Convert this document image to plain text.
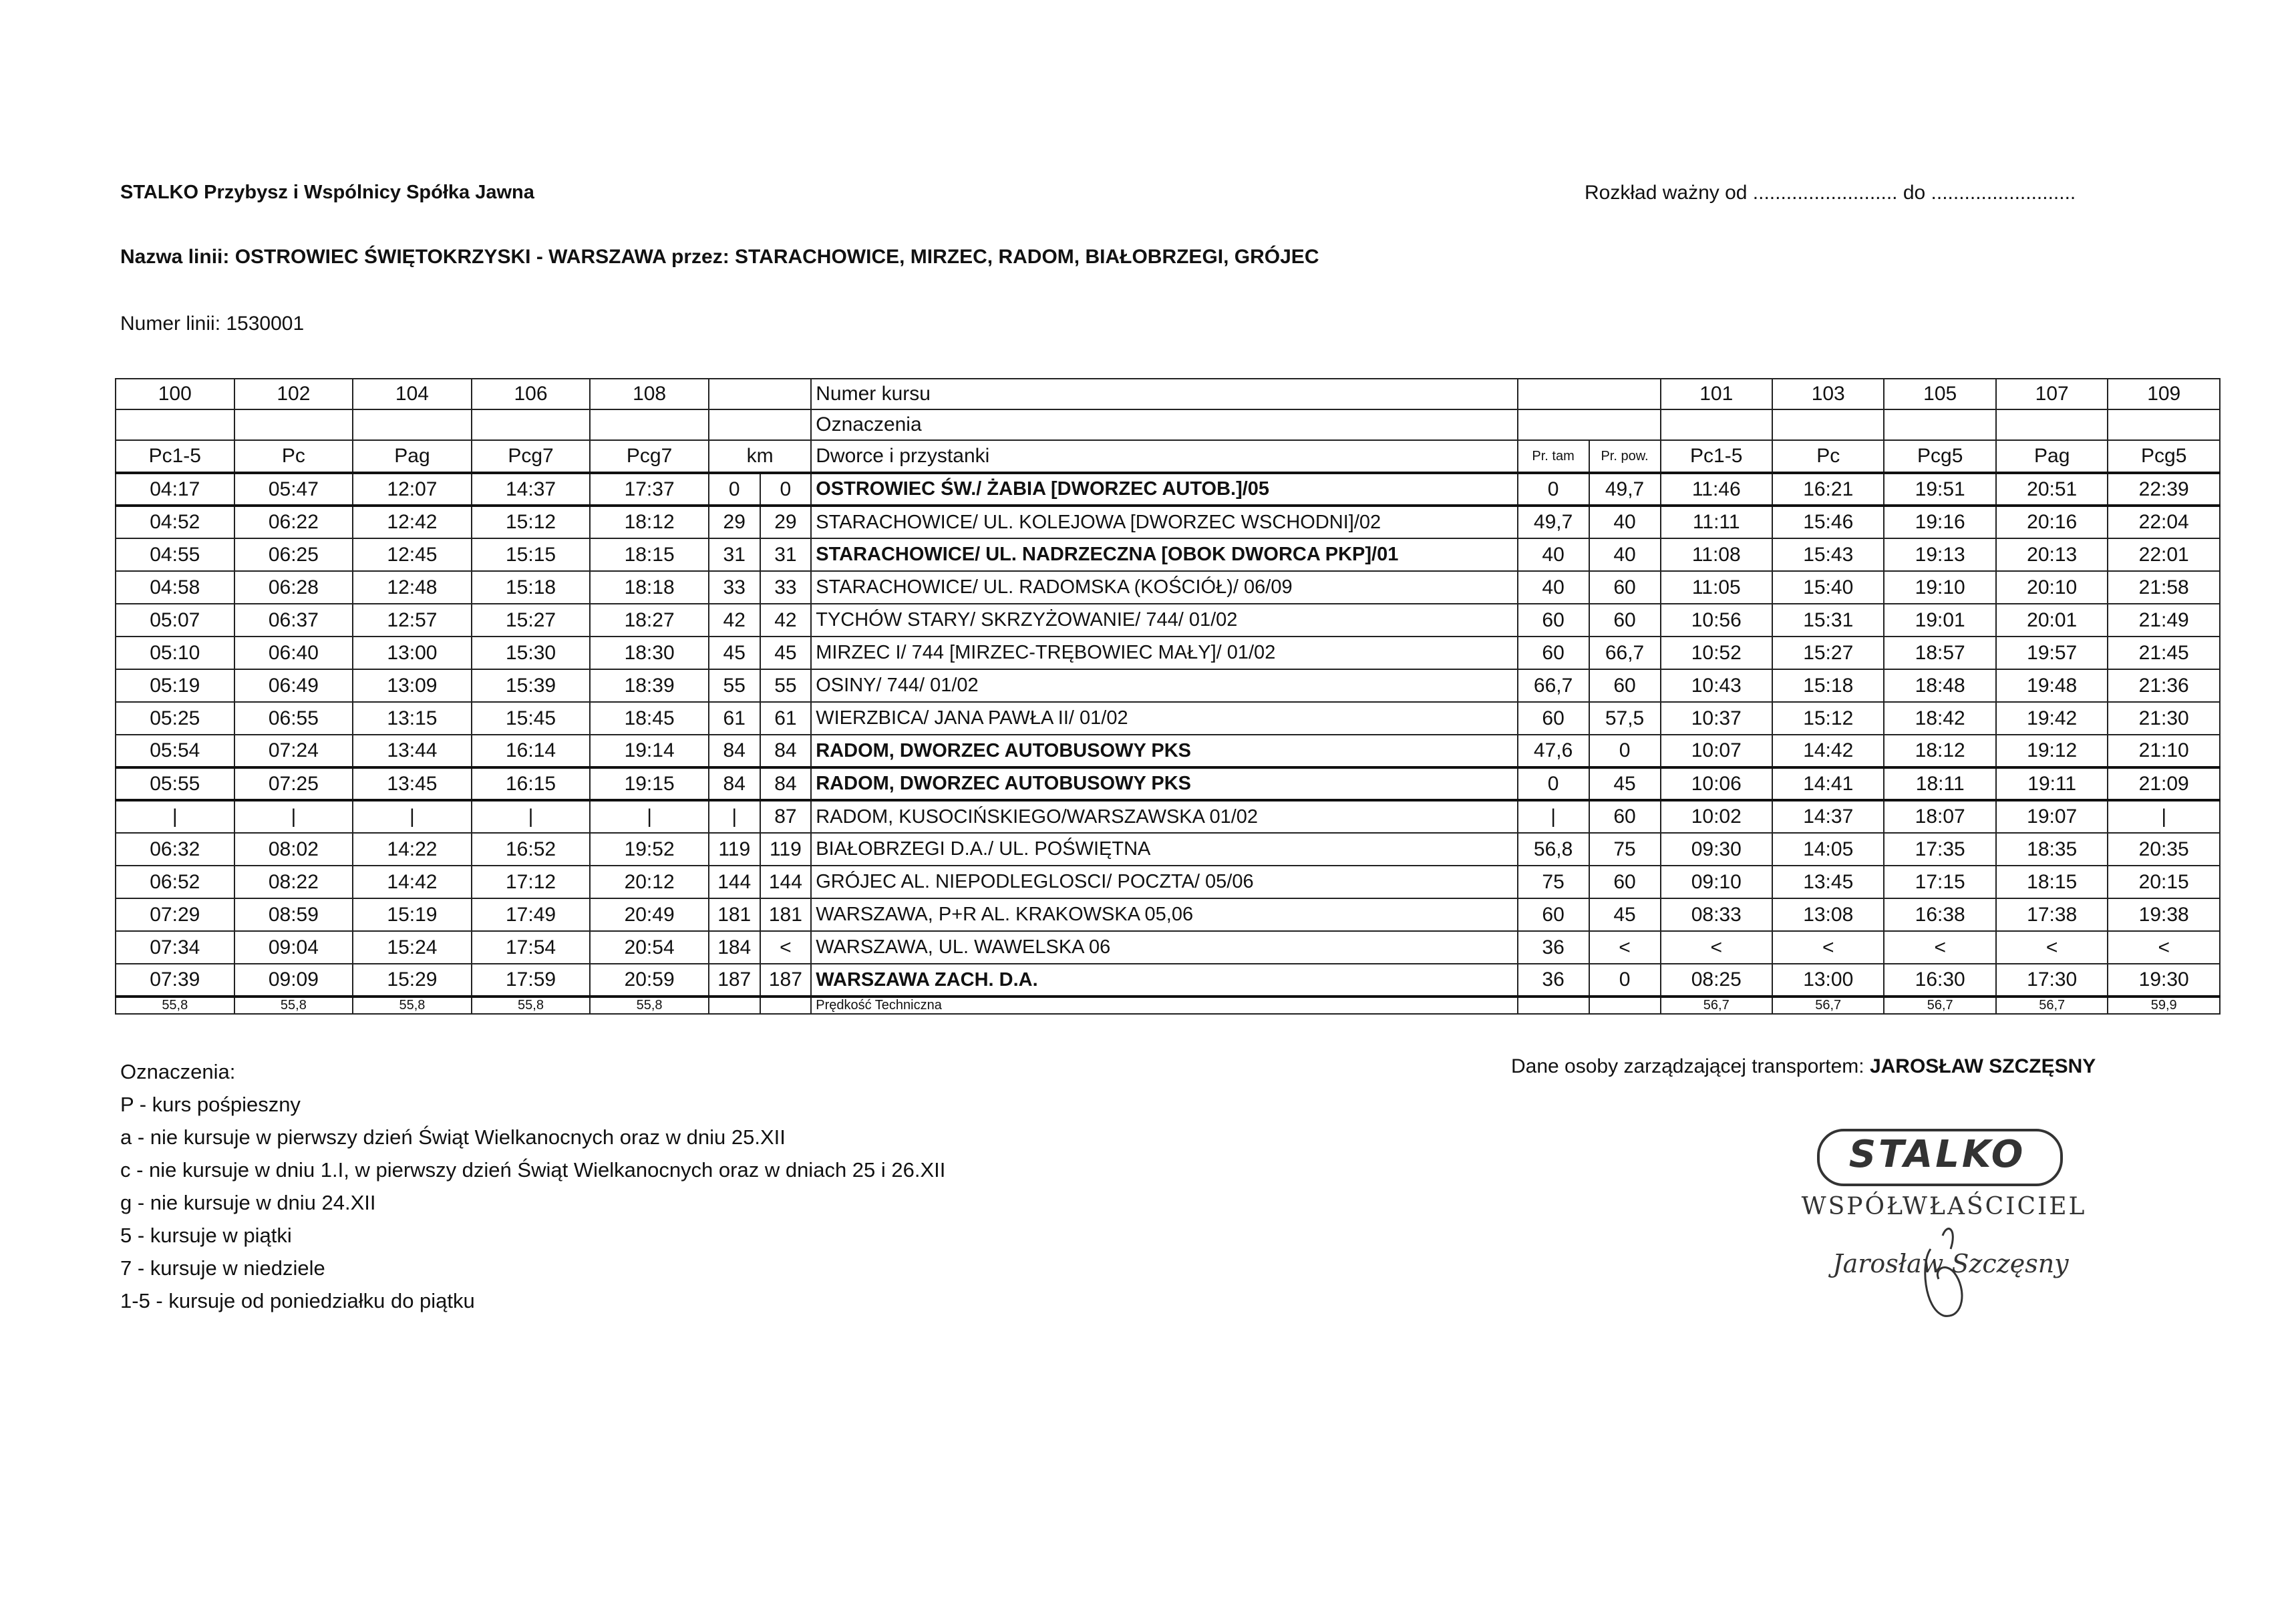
STALKO Przybysz i Wspólnicy Spółka Jawna	Rozkład ważny od .......................... do ..........................
Nazwa linii: OSTROWIEC ŚWIĘTOKRZYSKI - WARSZAWA przez: STARACHOWICE, MIRZEC, RADOM, BIAŁOBRZEGI, GRÓJEC
Numer linii: 1530001
100	102	104	106	108			Numer kursu			101	103	105	107	109
							Oznaczenia							
Pc1-5	Pc	Pag	Pcg7	Pcg7	km		Dworce i przystanki	Pr. tam	Pr. pow.	Pc1-5	Pc	Pcg5	Pag	Pcg5
04:17	05:47	12:07	14:37	17:37	0	0	OSTROWIEC ŚW./ ŻABIA [DWORZEC AUTOB.]/05	0	49,7	11:46	16:21	19:51	20:51	22:39
04:52	06:22	12:42	15:12	18:12	29	29	STARACHOWICE/ UL. KOLEJOWA [DWORZEC WSCHODNI]/02	49,7	40	11:11	15:46	19:16	20:16	22:04
04:55	06:25	12:45	15:15	18:15	31	31	STARACHOWICE/ UL. NADRZECZNA [OBOK DWORCA PKP]/01	40	40	11:08	15:43	19:13	20:13	22:01
04:58	06:28	12:48	15:18	18:18	33	33	STARACHOWICE/ UL. RADOMSKA (KOŚCIÓŁ)/ 06/09	40	60	11:05	15:40	19:10	20:10	21:58
05:07	06:37	12:57	15:27	18:27	42	42	TYCHÓW STARY/ SKRZYŻOWANIE/ 744/ 01/02	60	60	10:56	15:31	19:01	20:01	21:49
05:10	06:40	13:00	15:30	18:30	45	45	MIRZEC I/ 744 [MIRZEC-TRĘBOWIEC MAŁY]/ 01/02	60	66,7	10:52	15:27	18:57	19:57	21:45
05:19	06:49	13:09	15:39	18:39	55	55	OSINY/ 744/ 01/02	66,7	60	10:43	15:18	18:48	19:48	21:36
05:25	06:55	13:15	15:45	18:45	61	61	WIERZBICA/ JANA PAWŁA II/ 01/02	60	57,5	10:37	15:12	18:42	19:42	21:30
05:54	07:24	13:44	16:14	19:14	84	84	RADOM, DWORZEC AUTOBUSOWY PKS	47,6	0	10:07	14:42	18:12	19:12	21:10
05:55	07:25	13:45	16:15	19:15	84	84	RADOM, DWORZEC AUTOBUSOWY PKS	0	45	10:06	14:41	18:11	19:11	21:09
|	|	|	|	|	|	87	RADOM, KUSOCIŃSKIEGO/WARSZAWSKA 01/02	|	60	10:02	14:37	18:07	19:07	|
06:32	08:02	14:22	16:52	19:52	119	119	BIAŁOBRZEGI D.A./ UL. POŚWIĘTNA	56,8	75	09:30	14:05	17:35	18:35	20:35
06:52	08:22	14:42	17:12	20:12	144	144	GRÓJEC AL. NIEPODLEGLOSCI/ POCZTA/ 05/06	75	60	09:10	13:45	17:15	18:15	20:15
07:29	08:59	15:19	17:49	20:49	181	181	WARSZAWA, P+R AL. KRAKOWSKA 05,06	60	45	08:33	13:08	16:38	17:38	19:38
07:34	09:04	15:24	17:54	20:54	184	<	WARSZAWA, UL. WAWELSKA 06	36	<	<	<	<	<	<
07:39	09:09	15:29	17:59	20:59	187	187	WARSZAWA ZACH. D.A.	36	0	08:25	13:00	16:30	17:30	19:30
55,8	55,8	55,8	55,8	55,8			Prędkość Techniczna			56,7	56,7	56,7	56,7	59,9
Oznaczenia:
P - kurs pośpieszny
a - nie kursuje w pierwszy dzień Świąt Wielkanocnych oraz w dniu 25.XII
c - nie kursuje w dniu 1.I, w pierwszy dzień Świąt Wielkanocnych oraz w dniach 25 i 26.XII
g - nie kursuje w dniu 24.XII
5 - kursuje w piątki
7 - kursuje w niedziele
1-5 - kursuje od poniedziałku do piątku
Dane osoby zarządzającej transportem: JAROSŁAW SZCZĘSNY
STALKO
WSPÓŁWŁAŚCICIEL
Jarosław Szczęsny
